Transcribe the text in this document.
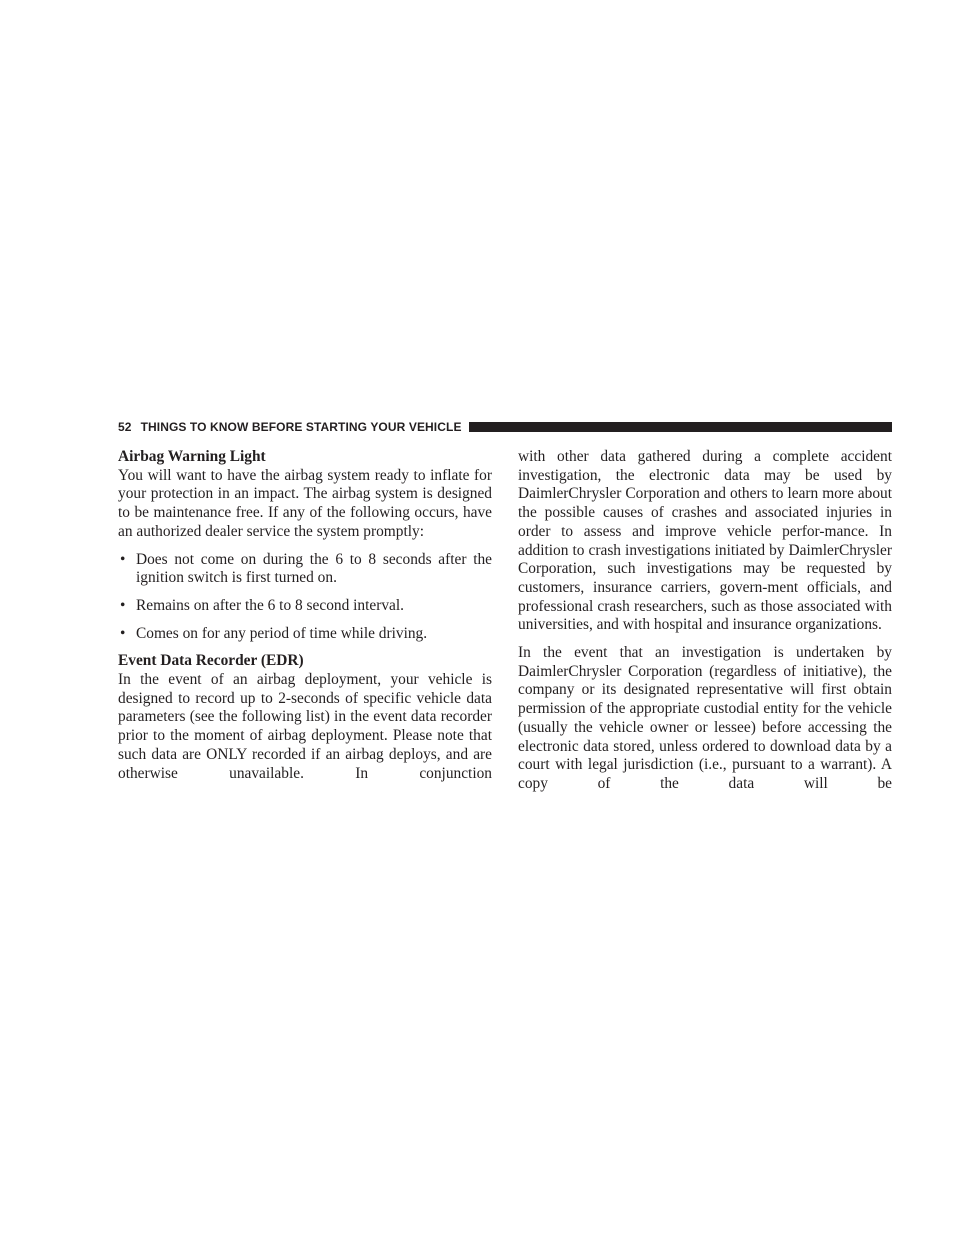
52 THINGS TO KNOW BEFORE STARTING YOUR VEHICLE

Airbag Warning Light

You will want to have the airbag system ready to inflate for your protection in an impact. The airbag system is designed to be maintenance free. If any of the following occurs, have an authorized dealer service the system promptly:

• Does not come on during the 6 to 8 seconds after the ignition switch is first turned on.
• Remains on after the 6 to 8 second interval.
• Comes on for any period of time while driving.

Event Data Recorder (EDR)

In the event of an airbag deployment, your vehicle is designed to record up to 2-seconds of specific vehicle data parameters (see the following list) in the event data recorder prior to the moment of airbag deployment. Please note that such data are ONLY recorded if an airbag deploys, and are otherwise unavailable. In conjunction

with other data gathered during a complete accident investigation, the electronic data may be used by DaimlerChrysler Corporation and others to learn more about the possible causes of crashes and associated injuries in order to assess and improve vehicle perfor-mance. In addition to crash investigations initiated by DaimlerChrysler Corporation, such investigations may be requested by customers, insurance carriers, govern-ment officials, and professional crash researchers, such as those associated with universities, and with hospital and insurance organizations.

In the event that an investigation is undertaken by DaimlerChrysler Corporation (regardless of initiative), the company or its designated representative will first obtain permission of the appropriate custodial entity for the vehicle (usually the vehicle owner or lessee) before accessing the electronic data stored, unless ordered to download data by a court with legal jurisdiction (i.e., pursuant to a warrant). A copy of the data will be
